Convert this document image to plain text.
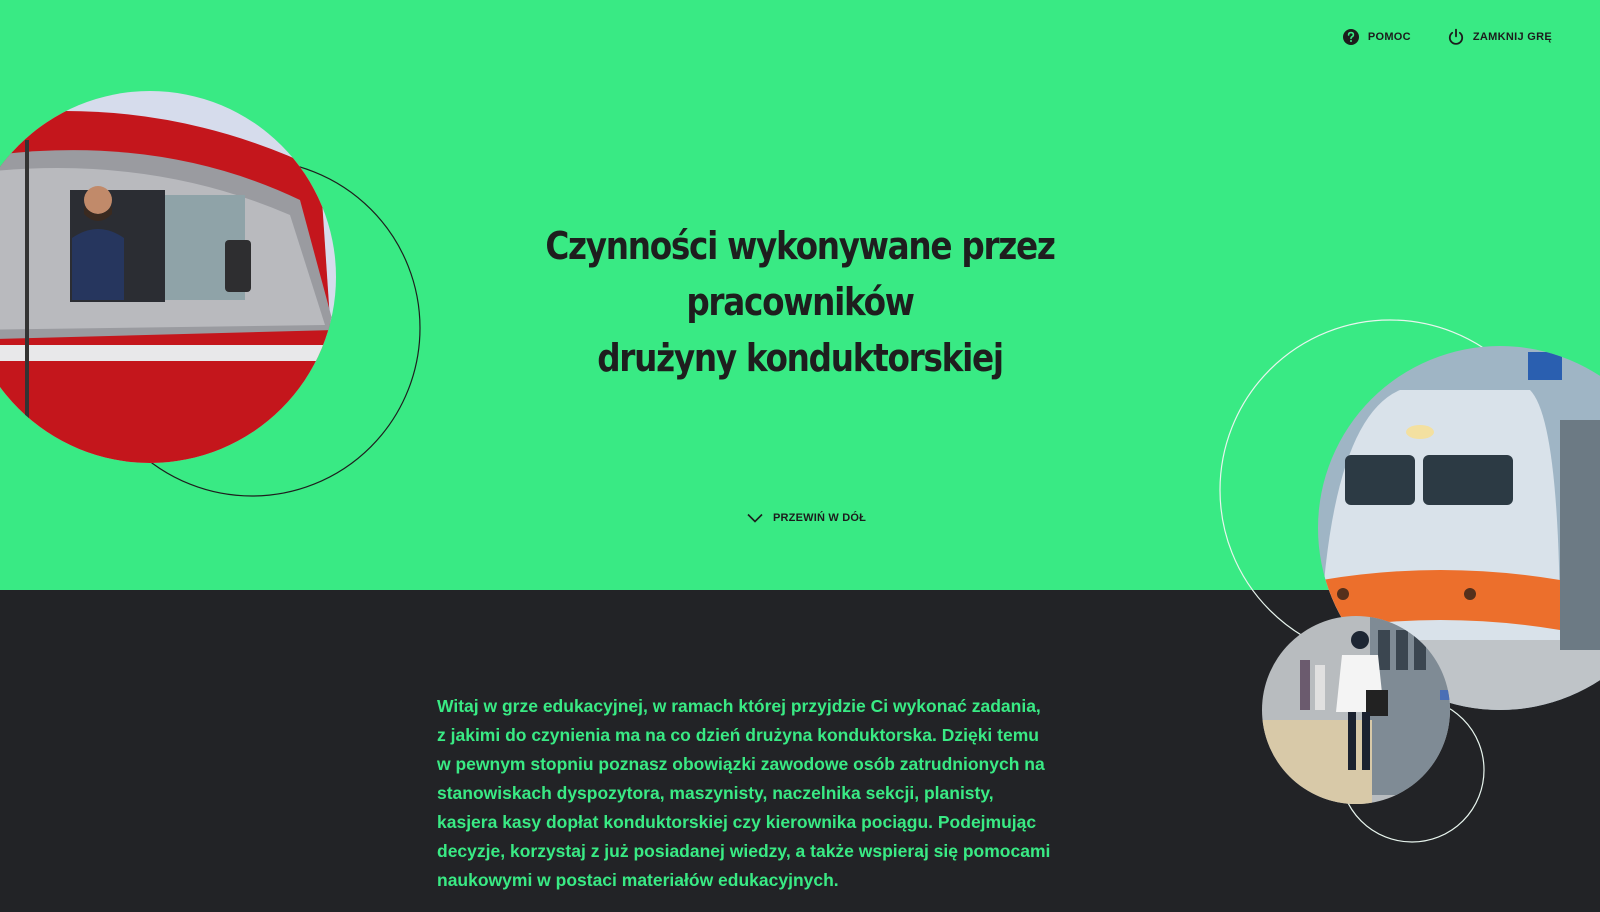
POMOC	ZAMKNIJ GRĘ
Czynności wykonywane przez pracowników
drużyny konduktorskiej
PRZEWIŃ W DÓŁ

Witaj w grze edukacyjnej, w ramach której przyjdzie Ci wykonać zadania,
z jakimi do czynienia ma na co dzień drużyna konduktorska. Dzięki temu
w pewnym stopniu poznasz obowiązki zawodowe osób zatrudnionych na
stanowiskach dyspozytora, maszynisty, naczelnika sekcji, planisty,
kasjera kasy dopłat konduktorskiej czy kierownika pociągu. Podejmując
decyzje, korzystaj z już posiadanej wiedzy, a także wspieraj się pomocami
naukowymi w postaci materiałów edukacyjnych.
